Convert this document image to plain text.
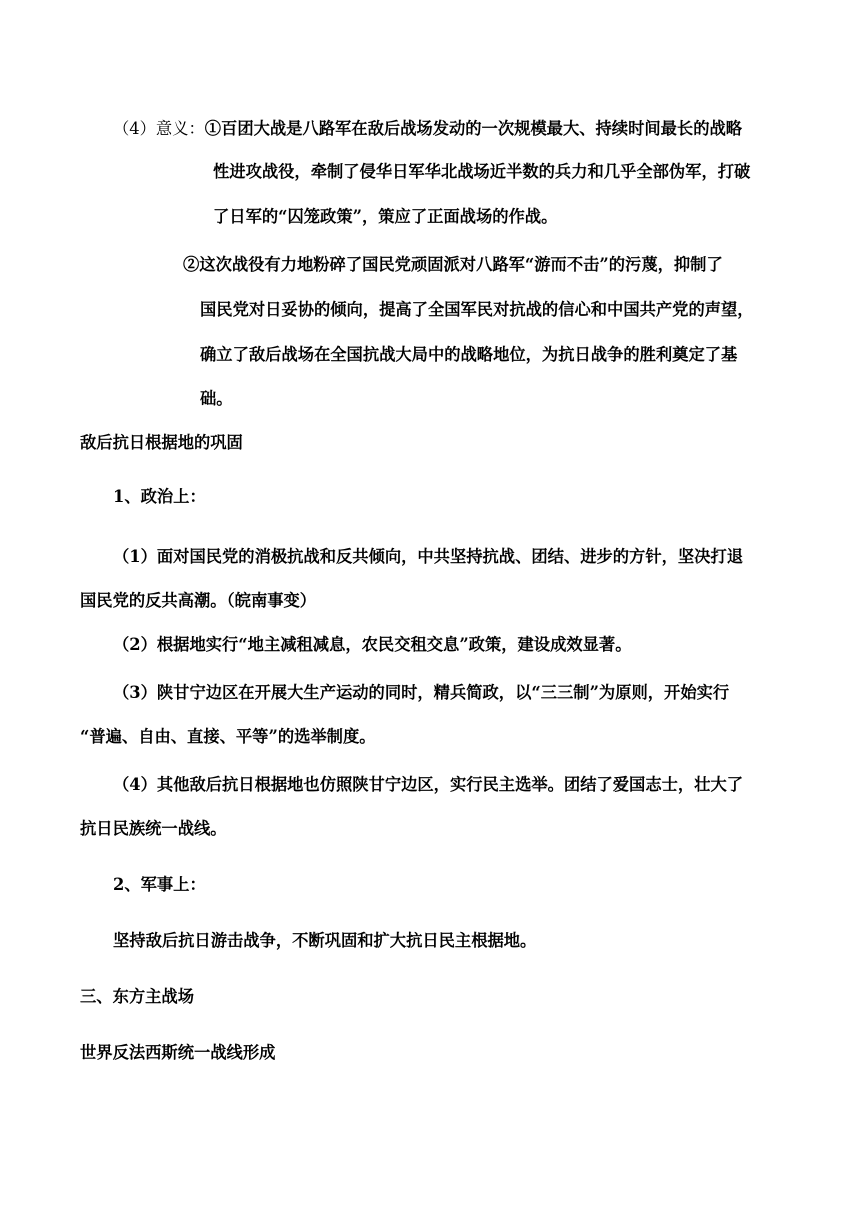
（4）意义：①百团大战是八路军在敌后战场发动的一次规模最大、持续时间最长的战略

性进攻战役，牵制了侵华日军华北战场近半数的兵力和几乎全部伪军，打破

了日军的“囚笼政策”，策应了正面战场的作战。

②这次战役有力地粉碎了国民党顽固派对八路军“游而不击”的污蔑，抑制了

国民党对日妥协的倾向，提高了全国军民对抗战的信心和中国共产党的声望，

确立了敌后战场在全国抗战大局中的战略地位，为抗日战争的胜利奠定了基

础。

敌后抗日根据地的巩固

1、政治上：

（1）面对国民党的消极抗战和反共倾向，中共坚持抗战、团结、进步的方针，坚决打退

国民党的反共高潮。（皖南事变）

（2）根据地实行“地主减租减息，农民交租交息”政策，建设成效显著。

（3）陕甘宁边区在开展大生产运动的同时，精兵简政，以“三三制”为原则，开始实行

“普遍、自由、直接、平等”的选举制度。

（4）其他敌后抗日根据地也仿照陕甘宁边区，实行民主选举。团结了爱国志士，壮大了

抗日民族统一战线。

2、军事上：

坚持敌后抗日游击战争，不断巩固和扩大抗日民主根据地。

三、东方主战场

世界反法西斯统一战线形成
